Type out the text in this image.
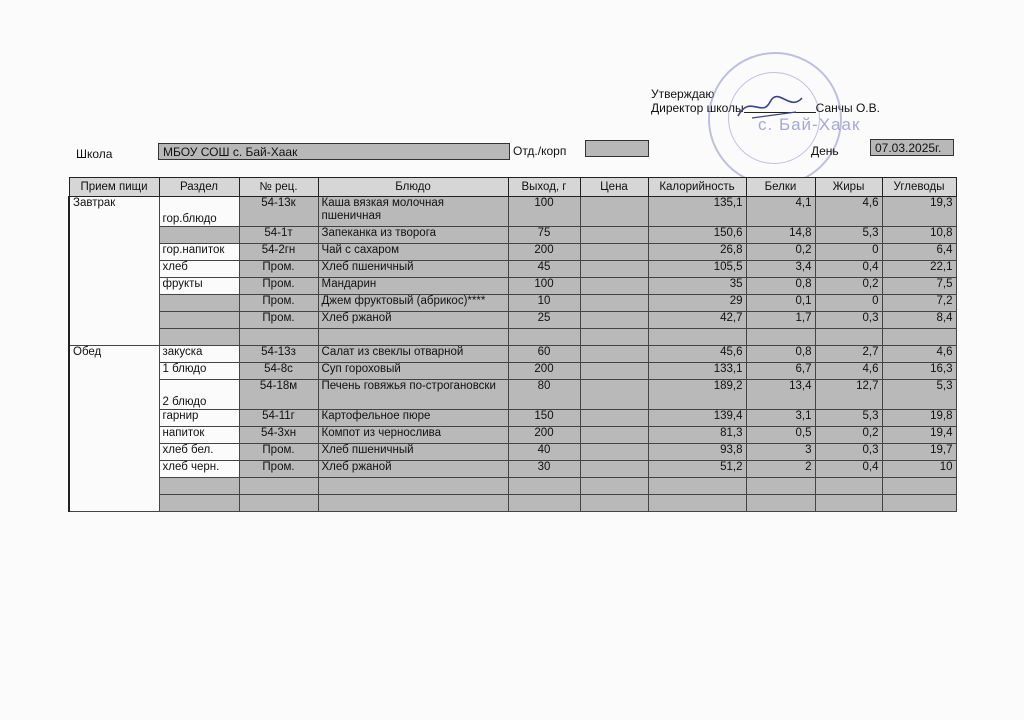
Утверждаю
Директор школы	Санчы О.В.
с. Бай-Хаак
Школа	МБОУ СОШ с. Бай-Хаак	Отд./корп	День	07.03.2025г.
Прием пищи	Раздел	№ рец.	Блюдо	Выход, г	Цена	Калорийность	Белки	Жиры	Углеводы
Завтрак	гор.блюдо	54-13к	Каша вязкая молочная пшеничная	100		135,1	4,1	4,6	19,3
		54-1т	Запеканка из творога	75		150,6	14,8	5,3	10,8
	гор.напиток	54-2гн	Чай с сахаром	200		26,8	0,2	0	6,4
	хлеб	Пром.	Хлеб пшеничный	45		105,5	3,4	0,4	22,1
	фрукты	Пром.	Мандарин	100		35	0,8	0,2	7,5
		Пром.	Джем фруктовый (абрикос)****	10		29	0,1	0	7,2
		Пром.	Хлеб ржаной	25		42,7	1,7	0,3	8,4

Обед	закуска	54-13з	Салат из свеклы отварной	60		45,6	0,8	2,7	4,6
	1 блюдо	54-8с	Суп гороховый	200		133,1	6,7	4,6	16,3
	2 блюдо	54-18м	Печень говяжья по-строгановски	80		189,2	13,4	12,7	5,3
	гарнир	54-11г	Картофельное пюре	150		139,4	3,1	5,3	19,8
	напиток	54-3хн	Компот из чернослива	200		81,3	0,5	0,2	19,4
	хлеб бел.	Пром.	Хлеб пшеничный	40		93,8	3	0,3	19,7
	хлеб черн.	Пром.	Хлеб ржаной	30		51,2	2	0,4	10
